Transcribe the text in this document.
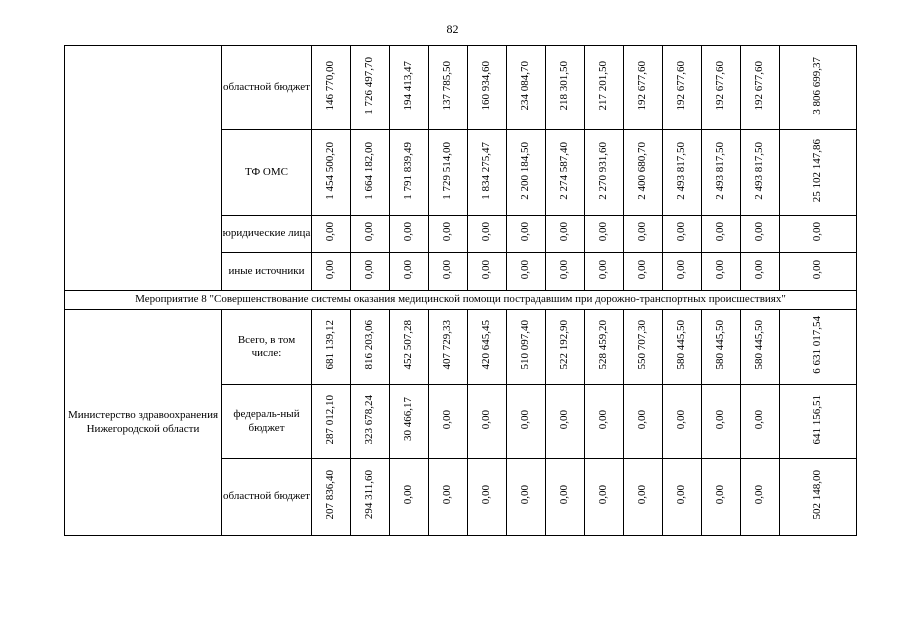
82
	областной бюджет	146 770,00	1 726 497,70	194 413,47	137 785,50	160 934,60	234 084,70	218 301,50	217 201,50	192 677,60	192 677,60	192 677,60	192 677,60	3 806 699,37
	ТФ ОМС	1 454 500,20	1 664 182,00	1 791 839,49	1 729 514,00	1 834 275,47	2 200 184,50	2 274 587,40	2 270 931,60	2 400 680,70	2 493 817,50	2 493 817,50	2 493 817,50	25 102 147,86
	юридические лица	0,00	0,00	0,00	0,00	0,00	0,00	0,00	0,00	0,00	0,00	0,00	0,00	0,00
	иные источники	0,00	0,00	0,00	0,00	0,00	0,00	0,00	0,00	0,00	0,00	0,00	0,00	0,00
Мероприятие 8 "Совершенствование системы оказания медицинской помощи пострадавшим при дорожно-транспортных происшествиях"														
Министерство здравоохранения Нижегородской области	Всего, в том числе:	681 139,12	816 203,06	452 507,28	407 729,33	420 645,45	510 097,40	522 192,90	528 459,20	550 707,30	580 445,50	580 445,50	580 445,50	6 631 017,54
	федераль-ный бюджет	287 012,10	323 678,24	30 466,17	0,00	0,00	0,00	0,00	0,00	0,00	0,00	0,00	0,00	641 156,51
	областной бюджет	207 836,40	294 311,60	0,00	0,00	0,00	0,00	0,00	0,00	0,00	0,00	0,00	0,00	502 148,00
